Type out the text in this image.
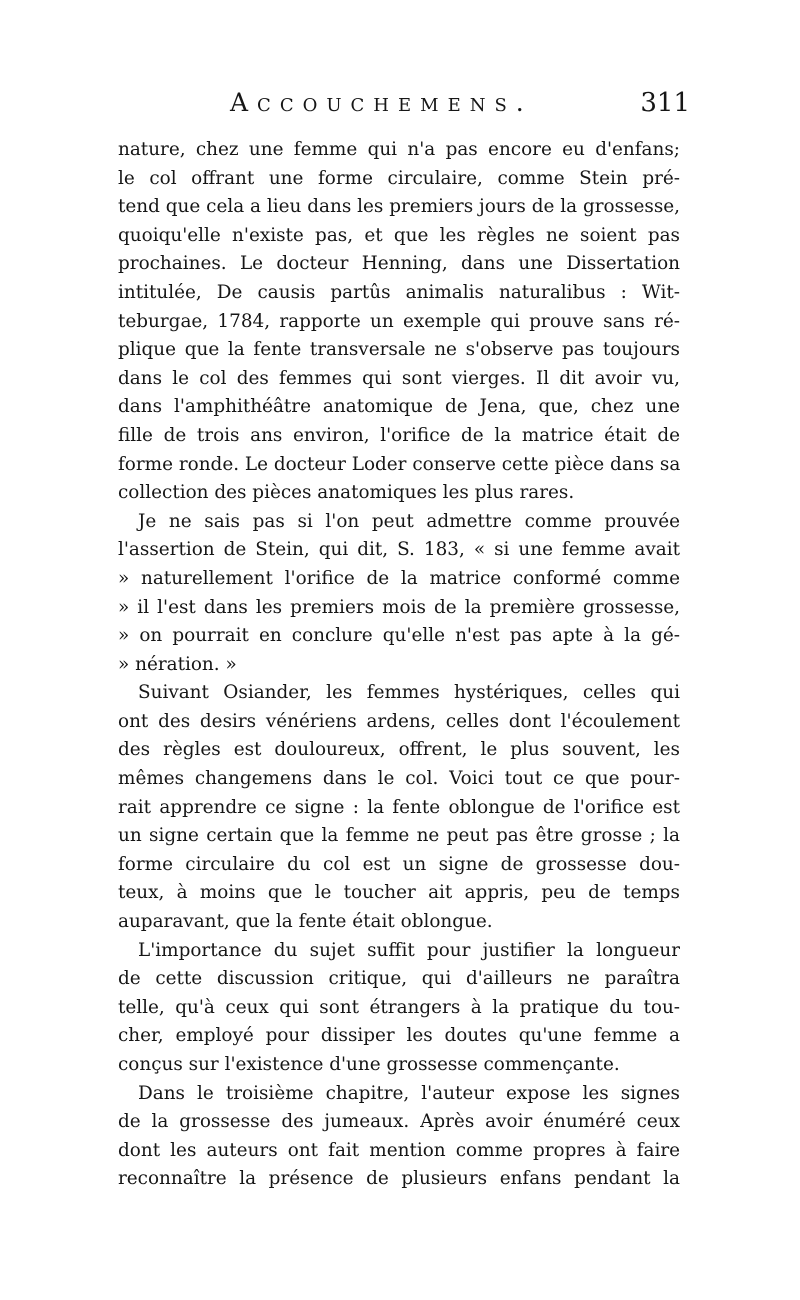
Accouchemens.	311
nature, chez une femme qui n'a pas encore eu d'enfans;
le col offrant une forme circulaire, comme Stein pré-
tend que cela a lieu dans les premiers jours de la grossesse,
quoiqu'elle n'existe pas, et que les règles ne soient pas
prochaines. Le docteur Henning, dans une Dissertation
intitulée, De causis partûs animalis naturalibus : Wit-
teburgae, 1784, rapporte un exemple qui prouve sans ré-
plique que la fente transversale ne s'observe pas toujours
dans le col des femmes qui sont vierges. Il dit avoir vu,
dans l'amphithéâtre anatomique de Jena, que, chez une
fille de trois ans environ, l'orifice de la matrice était de
forme ronde. Le docteur Loder conserve cette pièce dans sa
collection des pièces anatomiques les plus rares.
Je ne sais pas si l'on peut admettre comme prouvée
l'assertion de Stein, qui dit, S. 183, « si une femme avait
» naturellement l'orifice de la matrice conformé comme
» il l'est dans les premiers mois de la première grossesse,
» on pourrait en conclure qu'elle n'est pas apte à la gé-
» nération. »
Suivant Osiander, les femmes hystériques, celles qui
ont des desirs vénériens ardens, celles dont l'écoulement
des règles est douloureux, offrent, le plus souvent, les
mêmes changemens dans le col. Voici tout ce que pour-
rait apprendre ce signe : la fente oblongue de l'orifice est
un signe certain que la femme ne peut pas être grosse ; la
forme circulaire du col est un signe de grossesse dou-
teux, à moins que le toucher ait appris, peu de temps
auparavant, que la fente était oblongue.
L'importance du sujet suffit pour justifier la longueur
de cette discussion critique, qui d'ailleurs ne paraîtra
telle, qu'à ceux qui sont étrangers à la pratique du tou-
cher, employé pour dissiper les doutes qu'une femme a
conçus sur l'existence d'une grossesse commençante.
Dans le troisième chapitre, l'auteur expose les signes
de la grossesse des jumeaux. Après avoir énuméré ceux
dont les auteurs ont fait mention comme propres à faire
reconnaître la présence de plusieurs enfans pendant la
